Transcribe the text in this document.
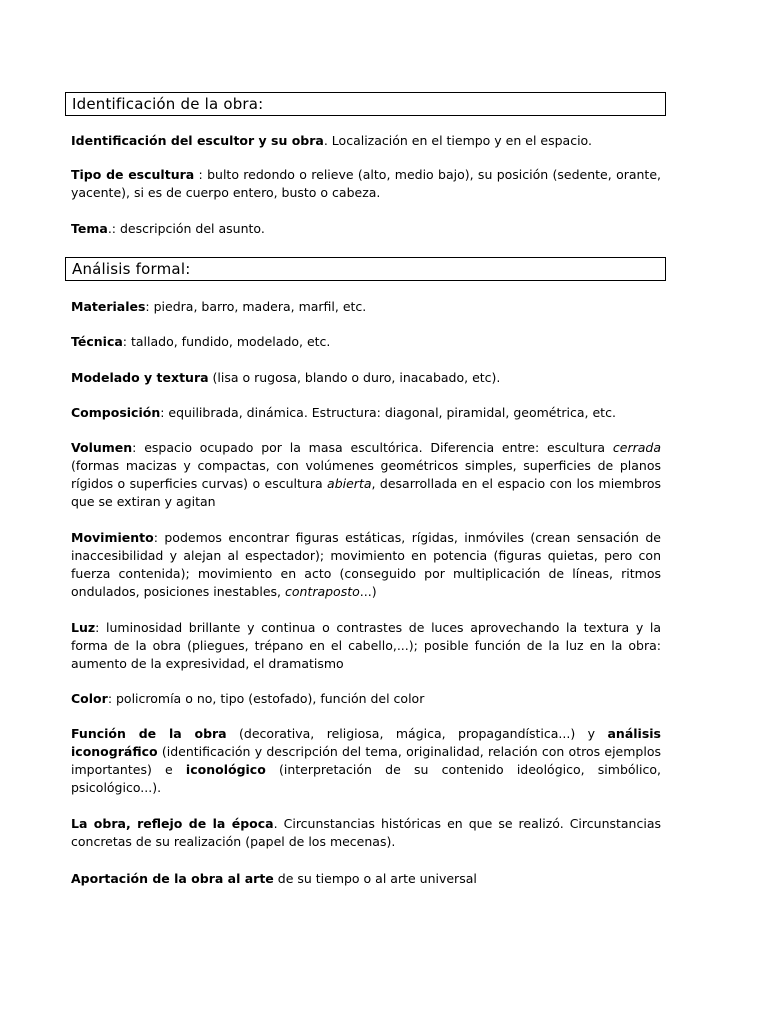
Identificación de la obra:
Identificación del escultor y su obra. Localización en el tiempo y en el espacio.
Tipo de escultura : bulto redondo o relieve (alto, medio bajo), su posición (sedente, orante, yacente), si es de cuerpo entero, busto o cabeza.
Tema.: descripción del asunto.
Análisis formal:
Materiales: piedra, barro, madera, marfil, etc.
Técnica: tallado, fundido, modelado, etc.
Modelado y textura (lisa o rugosa, blando o duro, inacabado, etc).
Composición: equilibrada, dinámica. Estructura: diagonal, piramidal, geométrica, etc.
Volumen: espacio ocupado por la masa escultórica. Diferencia entre: escultura cerrada (formas macizas y compactas, con volúmenes geométricos simples, superficies de planos rígidos o superficies curvas) o escultura abierta, desarrollada en el espacio con los miembros que se extiran y agitan
Movimiento: podemos encontrar figuras estáticas, rígidas, inmóviles (crean sensación de inaccesibilidad y alejan al espectador); movimiento en potencia (figuras quietas, pero con fuerza contenida); movimiento en acto (conseguido por multiplicación de líneas, ritmos ondulados, posiciones inestables, contraposto...)
Luz: luminosidad brillante y continua o contrastes de luces aprovechando la textura y la forma de la obra (pliegues, trépano en el cabello,...); posible función de la luz en la obra: aumento de la expresividad, el dramatismo
Color: policromía o no, tipo (estofado), función del color
Función de la obra (decorativa, religiosa, mágica, propagandística...) y análisis iconográfico (identificación y descripción del tema, originalidad, relación con otros ejemplos importantes) e iconológico (interpretación de su contenido ideológico, simbólico, psicológico...).
La obra, reflejo de la época. Circunstancias históricas en que se realizó. Circunstancias concretas de su realización (papel de los mecenas).
Aportación de la obra al arte de su tiempo o al arte universal
